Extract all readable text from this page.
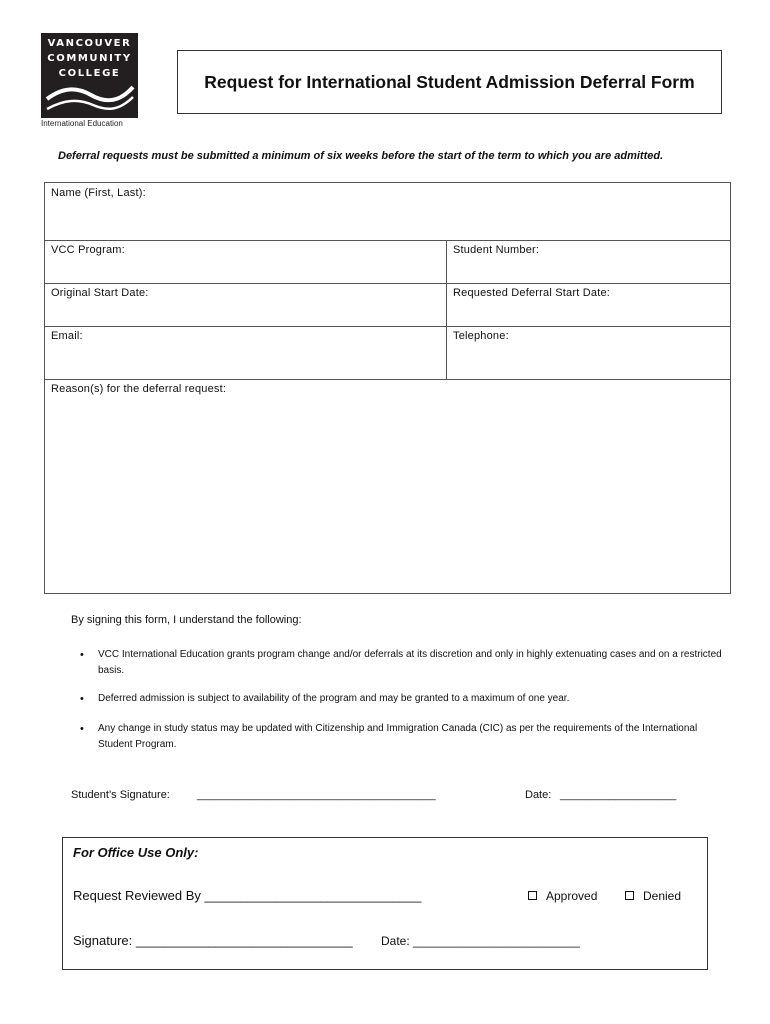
VANCOUVER
COMMUNITY
COLLEGE
International Education
Request for International Student Admission Deferral Form
Deferral requests must be submitted a minimum of six weeks before the start of the term to which you are admitted.
Name (First, Last):
VCC Program:	Student Number:
Original Start Date:	Requested Deferral Start Date:
Email:	Telephone:
Reason(s) for the deferral request:
By signing this form, I understand the following:
• VCC International Education grants program change and/or deferrals at its discretion and only in highly extenuating cases and on a restricted basis.
• Deferred admission is subject to availability of the program and may be granted to a maximum of one year.
• Any change in study status may be updated with Citizenship and Immigration Canada (CIC) as per the requirements of the International Student Program.
Student’s Signature: _______________________________________	Date: ___________________
For Office Use Only:
Request Reviewed By ______________________________	Approved	Denied
Signature: ______________________________ Date: _________________________
